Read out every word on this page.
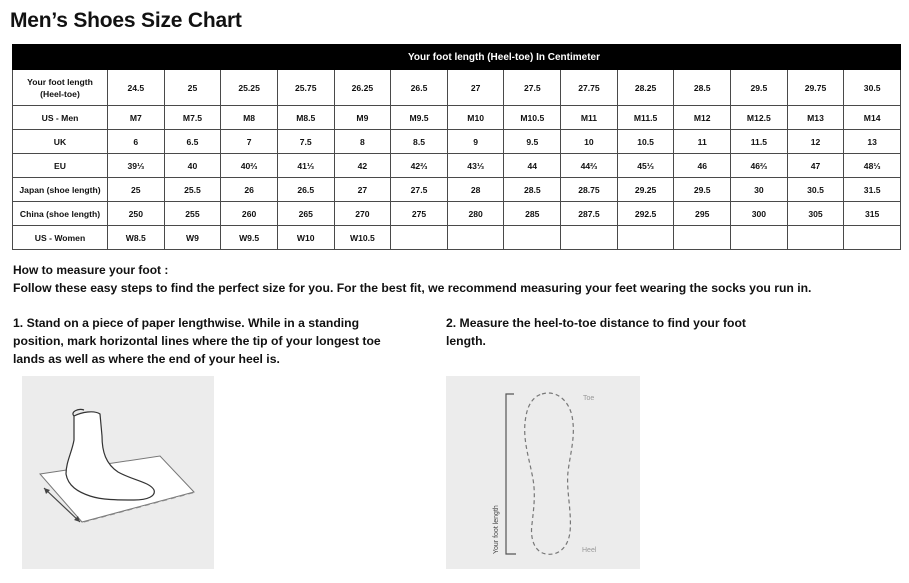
Men’s Shoes Size Chart
	Your foot length (Heel-toe) In Centimeter													
Your foot length (Heel-toe)	24.5	25	25.25	25.75	26.25	26.5	27	27.5	27.75	28.25	28.5	29.5	29.75	30.5
US - Men	M7	M7.5	M8	M8.5	M9	M9.5	M10	M10.5	M11	M11.5	M12	M12.5	M13	M14
UK	6	6.5	7	7.5	8	8.5	9	9.5	10	10.5	11	11.5	12	13
EU	39⅓	40	40⅔	41⅓	42	42⅔	43⅓	44	44⅔	45⅓	46	46⅔	47	48⅓
Japan (shoe length)	25	25.5	26	26.5	27	27.5	28	28.5	28.75	29.25	29.5	30	30.5	31.5
China (shoe length)	250	255	260	265	270	275	280	285	287.5	292.5	295	300	305	315
US - Women	W8.5	W9	W9.5	W10	W10.5									
How to measure your foot :
Follow these easy steps to find the perfect size for you. For the best fit, we recommend measuring your feet wearing the socks you run in.
1. Stand on a piece of paper lengthwise. While in a standing position, mark horizontal lines where the tip of your longest toe lands as well as where the end of your heel is.
2. Measure the heel-to-toe distance to find your foot length.
Toe
Heel
Your foot length
